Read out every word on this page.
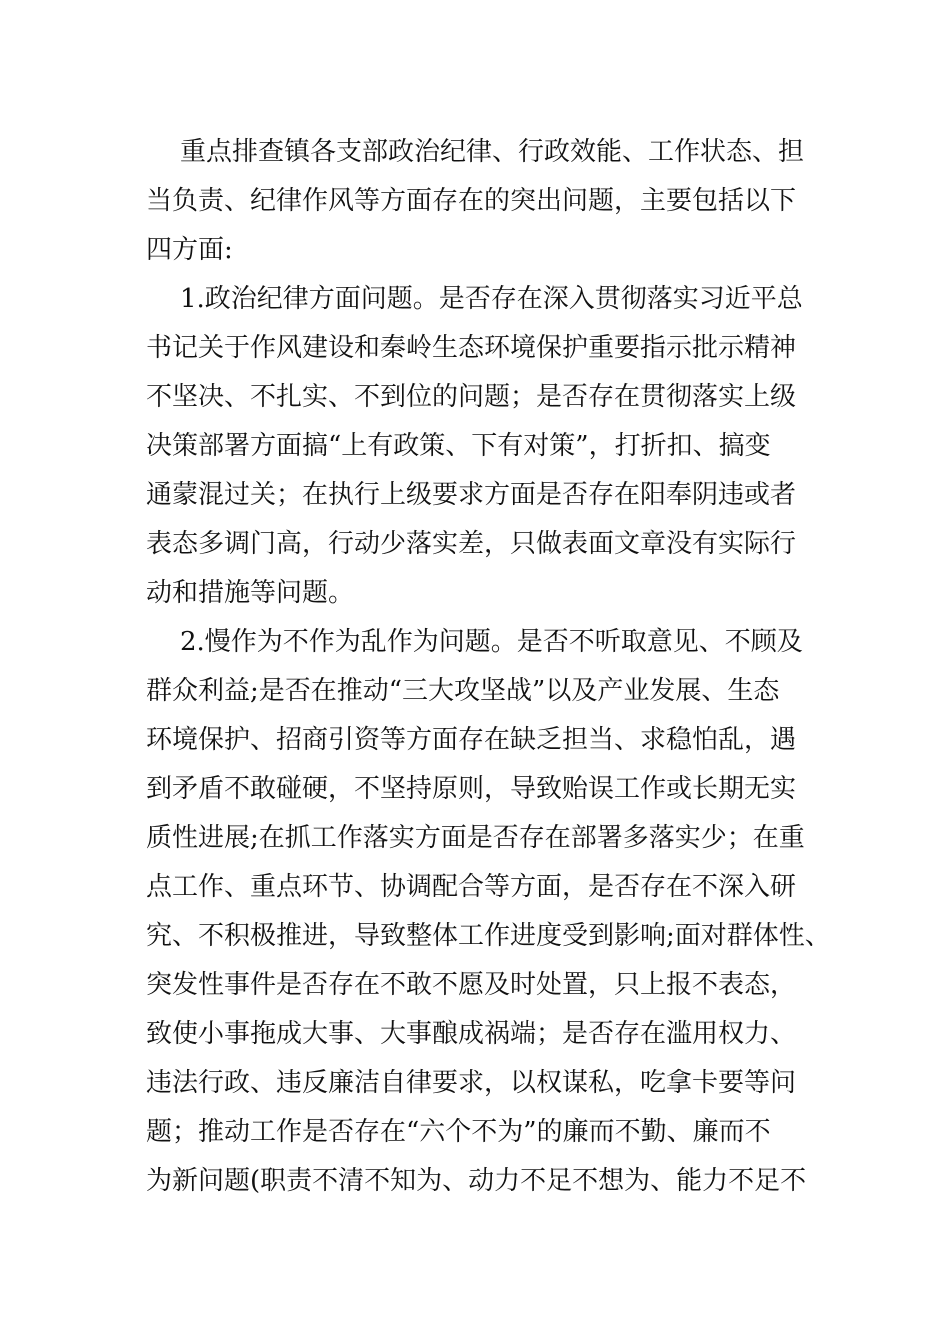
重点排查镇各支部政治纪律、行政效能、工作状态、担
当负责、纪律作风等方面存在的突出问题，主要包括以下
四方面:
1.政治纪律方面问题。是否存在深入贯彻落实习近平总
书记关于作风建设和秦岭生态环境保护重要指示批示精神
不坚决、不扎实、不到位的问题；是否存在贯彻落实上级
决策部署方面搞“上有政策、下有对策”，打折扣、搞变
通蒙混过关；在执行上级要求方面是否存在阳奉阴违或者
表态多调门高，行动少落实差，只做表面文章没有实际行
动和措施等问题。
2.慢作为不作为乱作为问题。是否不听取意见、不顾及
群众利益;是否在推动“三大攻坚战”以及产业发展、生态
环境保护、招商引资等方面存在缺乏担当、求稳怕乱，遇
到矛盾不敢碰硬，不坚持原则，导致贻误工作或长期无实
质性进展;在抓工作落实方面是否存在部署多落实少；在重
点工作、重点环节、协调配合等方面，是否存在不深入研
究、不积极推进，导致整体工作进度受到影响;面对群体性、
突发性事件是否存在不敢不愿及时处置，只上报不表态，
致使小事拖成大事、大事酿成祸端；是否存在滥用权力、
违法行政、违反廉洁自律要求，以权谋私，吃拿卡要等问
题；推动工作是否存在“六个不为”的廉而不勤、廉而不
为新问题(职责不清不知为、动力不足不想为、能力不足不
